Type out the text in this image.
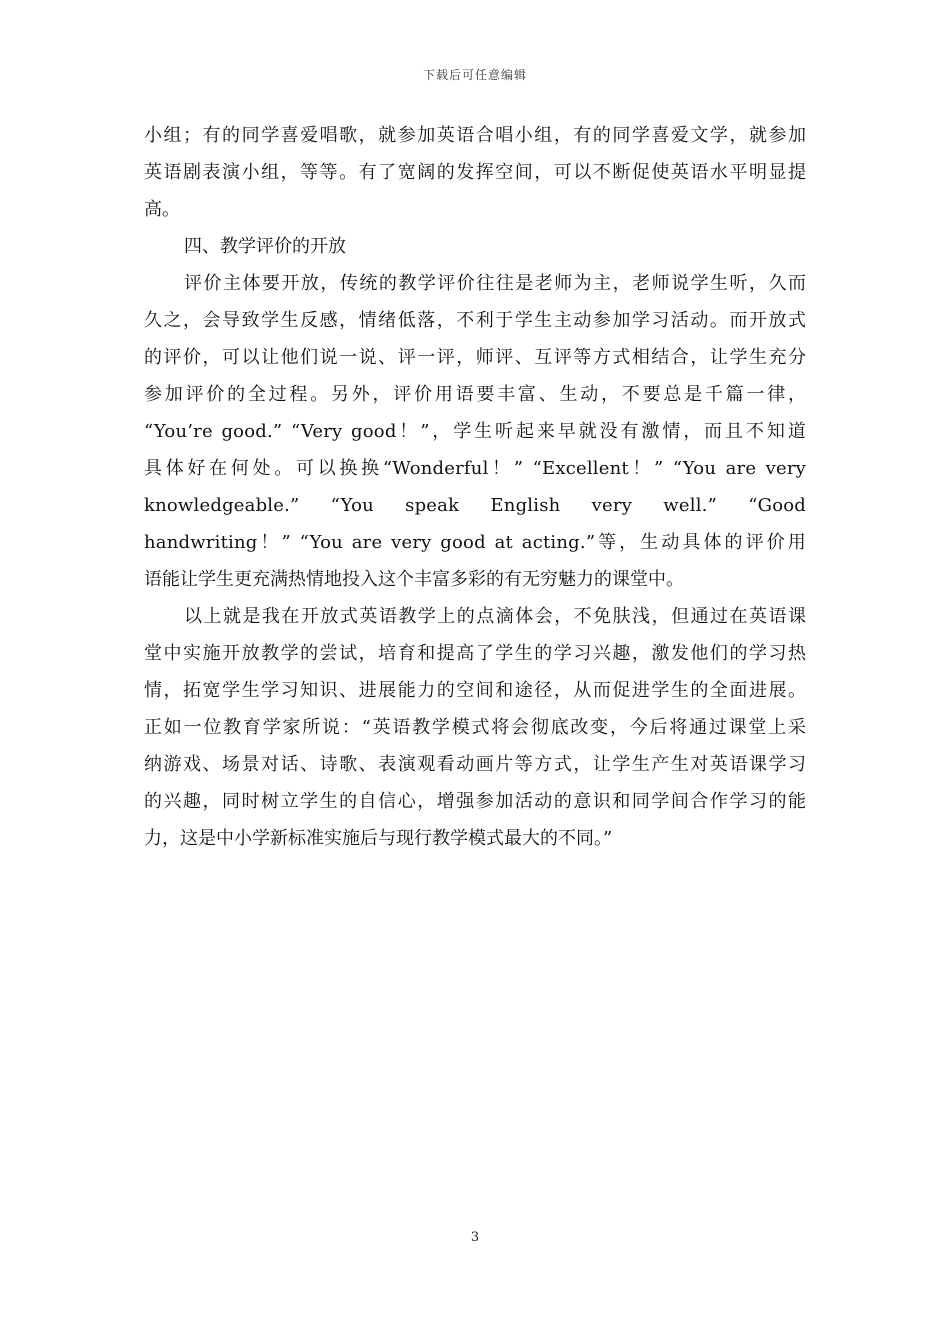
下载后可任意编辑
小组；有的同学喜爱唱歌，就参加英语合唱小组，有的同学喜爱文学，就参加
英语剧表演小组，等等。有了宽阔的发挥空间，可以不断促使英语水平明显提
高。
四、教学评价的开放
评价主体要开放，传统的教学评价往往是老师为主，老师说学生听，久而
久之，会导致学生反感，情绪低落，不利于学生主动参加学习活动。而开放式
的评价，可以让他们说一说、评一评，师评、互评等方式相结合，让学生充分
参加评价的全过程。另外，评价用语要丰富、生动，不要总是千篇一律，
“You’re good.” “Very good！”，学生听起来早就没有激情，而且不知道
具体好在何处。可以换换“Wonderful！” “Excellent！” “You are very
knowledgeable.” “You speak English very well.” “Good
handwriting！” “You are very good at acting.”等，生动具体的评价用
语能让学生更充满热情地投入这个丰富多彩的有无穷魅力的课堂中。
以上就是我在开放式英语教学上的点滴体会，不免肤浅，但通过在英语课
堂中实施开放教学的尝试，培育和提高了学生的学习兴趣，激发他们的学习热
情，拓宽学生学习知识、进展能力的空间和途径，从而促进学生的全面进展。
正如一位教育学家所说：“英语教学模式将会彻底改变，今后将通过课堂上采
纳游戏、场景对话、诗歌、表演观看动画片等方式，让学生产生对英语课学习
的兴趣，同时树立学生的自信心，增强参加活动的意识和同学间合作学习的能
力，这是中小学新标准实施后与现行教学模式最大的不同。”
3
